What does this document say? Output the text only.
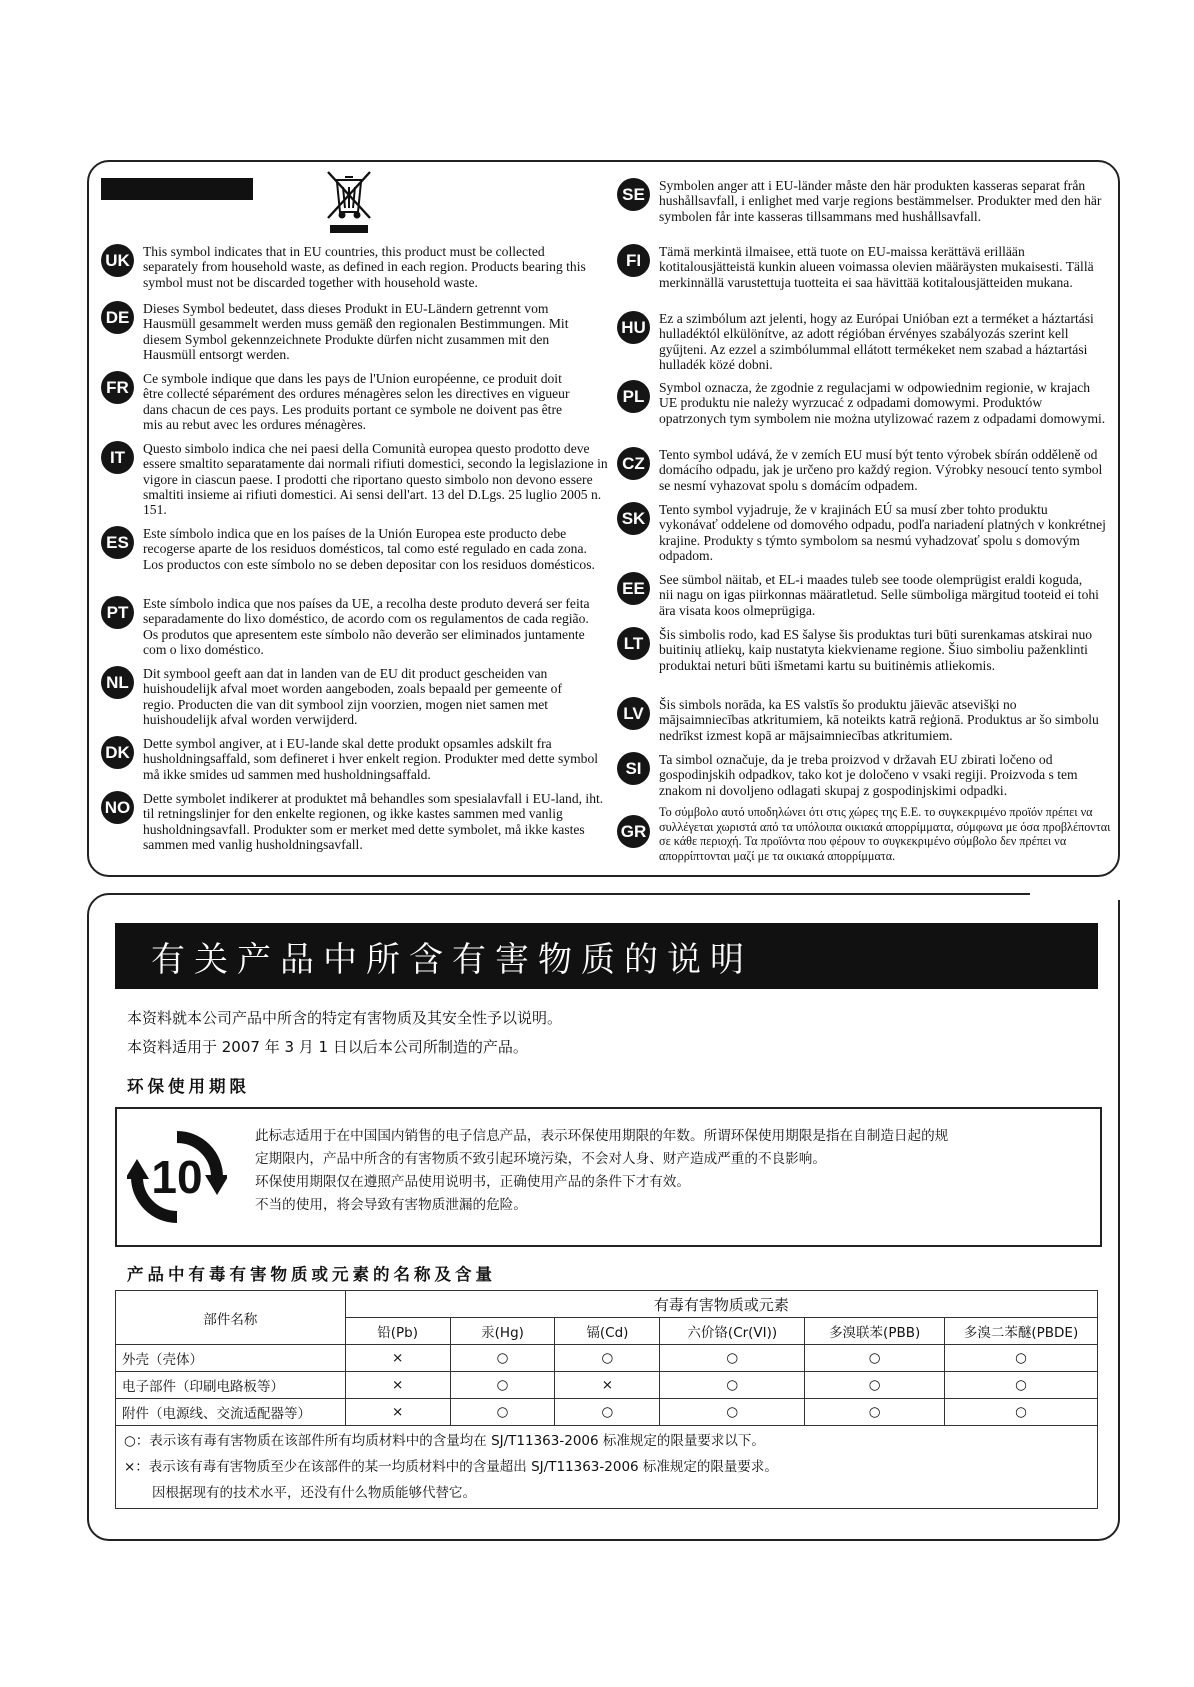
UK This symbol indicates that in EU countries, this product must be collected separately from household waste, as defined in each region. Products bearing this symbol must not be discarded together with household waste.
DE	Dieses Symbol bedeutet, dass dieses Produkt in EU-Ländern getrennt vom Hausmüll gesammelt werden muss gemäß den regionalen Bestimmungen. Mit diesem Symbol gekennzeichnete Produkte dürfen nicht zusammen mit den Hausmüll entsorgt werden.
FR	Ce symbole indique que dans les pays de l'Union européenne, ce produit doit être collecté séparément des ordures ménagères selon les directives en vigueur dans chacun de ces pays. Les produits portant ce symbole ne doivent pas être mis au rebut avec les ordures ménagères.
IT	Questo simbolo indica che nei paesi della Comunità europea questo prodotto deve essere smaltito separatamente dai normali rifiuti domestici, secondo la legislazione in vigore in ciascun paese. I prodotti che riportano questo simbolo non devono essere smaltiti insieme ai rifiuti domestici. Ai sensi dell'art. 13 del D.Lgs. 25 luglio 2005 n. 151.
ES	Este símbolo indica que en los países de la Unión Europea este producto debe recogerse aparte de los residuos domésticos, tal como esté regulado en cada zona. Los productos con este símbolo no se deben depositar con los residuos domésticos.
PT	Este símbolo indica que nos países da UE, a recolha deste produto deverá ser feita separadamente do lixo doméstico, de acordo com os regulamentos de cada região. Os produtos que apresentem este símbolo não deverão ser eliminados juntamente com o lixo doméstico.
NL	Dit symbool geeft aan dat in landen van de EU dit product gescheiden van huishoudelijk afval moet worden aangeboden, zoals bepaald per gemeente of regio. Producten die van dit symbool zijn voorzien, mogen niet samen met huishoudelijk afval worden verwijderd.
DK Dette symbol angiver, at i EU-lande skal dette produkt opsamles adskilt fra husholdningsaffald, som defineret i hver enkelt region. Produkter med dette symbol må ikke smides ud sammen med husholdningsaffald.
NO Dette symbolet indikerer at produktet må behandles som spesialavfall i EU-land, iht. til retningslinjer for den enkelte regionen, og ikke kastes sammen med vanlig husholdningsavfall. Produkter som er merket med dette symbolet, må ikke kastes sammen med vanlig husholdningsavfall.
SE	Symbolen anger att i EU-länder måste den här produkten kasseras separat från hushållsavfall, i enlighet med varje regions bestämmelser. Produkter med den här symbolen får inte kasseras tillsammans med hushållsavfall.
FI	Tämä merkintä ilmaisee, että tuote on EU-maissa kerättävä erillään kotitalousjätteistä kunkin alueen voimassa olevien määräysten mukaisesti. Tällä merkinnällä varustettuja tuotteita ei saa hävittää kotitalousjätteiden mukana.
HU Ez a szimbólum azt jelenti, hogy az Európai Unióban ezt a terméket a háztartási hulladéktól elkülönítve, az adott régióban érvényes szabályozás szerint kell gyűjteni. Az ezzel a szimbólummal ellátott termékeket nem szabad a háztartási hulladék közé dobni.
PL	Symbol oznacza, że zgodnie z regulacjami w odpowiednim regionie, w krajach UE produktu nie należy wyrzucać z odpadami domowymi. Produktów opatrzonych tym symbolem nie można utylizować razem z odpadami domowymi.
CZ	Tento symbol udává, že v zemích EU musí být tento výrobek sbírán odděleně od domácího odpadu, jak je určeno pro každý region. Výrobky nesoucí tento symbol se nesmí vyhazovat spolu s domácím odpadem.
SK	Tento symbol vyjadruje, že v krajinách EÚ sa musí zber tohto produktu vykonávať oddelene od domového odpadu, podľa nariadení platných v konkrétnej krajine. Produkty s týmto symbolom sa nesmú vyhadzovať spolu s domovým odpadom.
EE	See sümbol näitab, et EL-i maades tuleb see toode olemprügist eraldi koguda, nii nagu on igas piirkonnas määratletud. Selle sümboliga märgitud tooteid ei tohi ära visata koos olmeprügiga.
LT	Šis simbolis rodo, kad ES šalyse šis produktas turi būti surenkamas atskirai nuo buitinių atliekų, kaip nustatyta kiekviename regione. Šiuo simboliu paženklinti produktai neturi būti išmetami kartu su buitinėmis atliekomis.
LV	Šis simbols norāda, ka ES valstīs šo produktu jāievāc atsevišķi no mājsaimniecības atkritumiem, kā noteikts katrā reģionā. Produktus ar šo simbolu nedrīkst izmest kopā ar mājsaimniecības atkritumiem.
SI	Ta simbol označuje, da je treba proizvod v državah EU zbirati ločeno od gospodinjskih odpadkov, tako kot je določeno v vsaki regiji. Proizvoda s tem znakom ni dovoljeno odlagati skupaj z gospodinjskimi odpadki.
GR
Το σύμβολο αυτό υποδηλώνει ότι στις χώρες της Ε.Ε. το συγκεκριμένο προϊόν πρέπει να συλλέγεται χωριστά από τα υπόλοιπα οικιακά απορρίμματα, σύμφωνα με όσα προβλέπονται σε κάθε περιοχή. Τα προϊόντα που φέρουν το συγκεκριμένο σύμβολο δεν πρέπει να απορρίπτονται μαζί με τα οικιακά απορρίμματα.
有关产品中所含有害物质的说明
本资料就本公司产品中所含的特定有害物质及其安全性予以说明。
本资料适用于 2007 年 3 月 1 日以后本公司所制造的产品。
环保使用期限
10
此标志适用于在中国国内销售的电子信息产品，表示环保使用期限的年数。所谓环保使用期限是指在自制造日起的规
定期限内，产品中所含的有害物质不致引起环境污染，不会对人身、财产造成严重的不良影响。
环保使用期限仅在遵照产品使用说明书，正确使用产品的条件下才有效。
不当的使用，将会导致有害物质泄漏的危险。
产品中有毒有害物质或元素的名称及含量
部件名称	有毒有害物质或元素					
	铅(Pb)	汞(Hg)	镉(Cd)	六价铬(Cr(VI))	多溴联苯(PBB)	多溴二苯醚(PBDE)
外壳（壳体）	×	○	○	○	○	○
电子部件（印刷电路板等）	×	○	×	○	○	○
附件（电源线、交流适配器等）	×	○	○	○	○	○

○：表示该有毒有害物质在该部件所有均质材料中的含量均在 SJ/T11363-2006 标准规定的限量要求以下。
×：表示该有毒有害物质至少在该部件的某一均质材料中的含量超出 SJ/T11363-2006 标准规定的限量要求。
因根据现有的技术水平，还没有什么物质能够代替它。						
